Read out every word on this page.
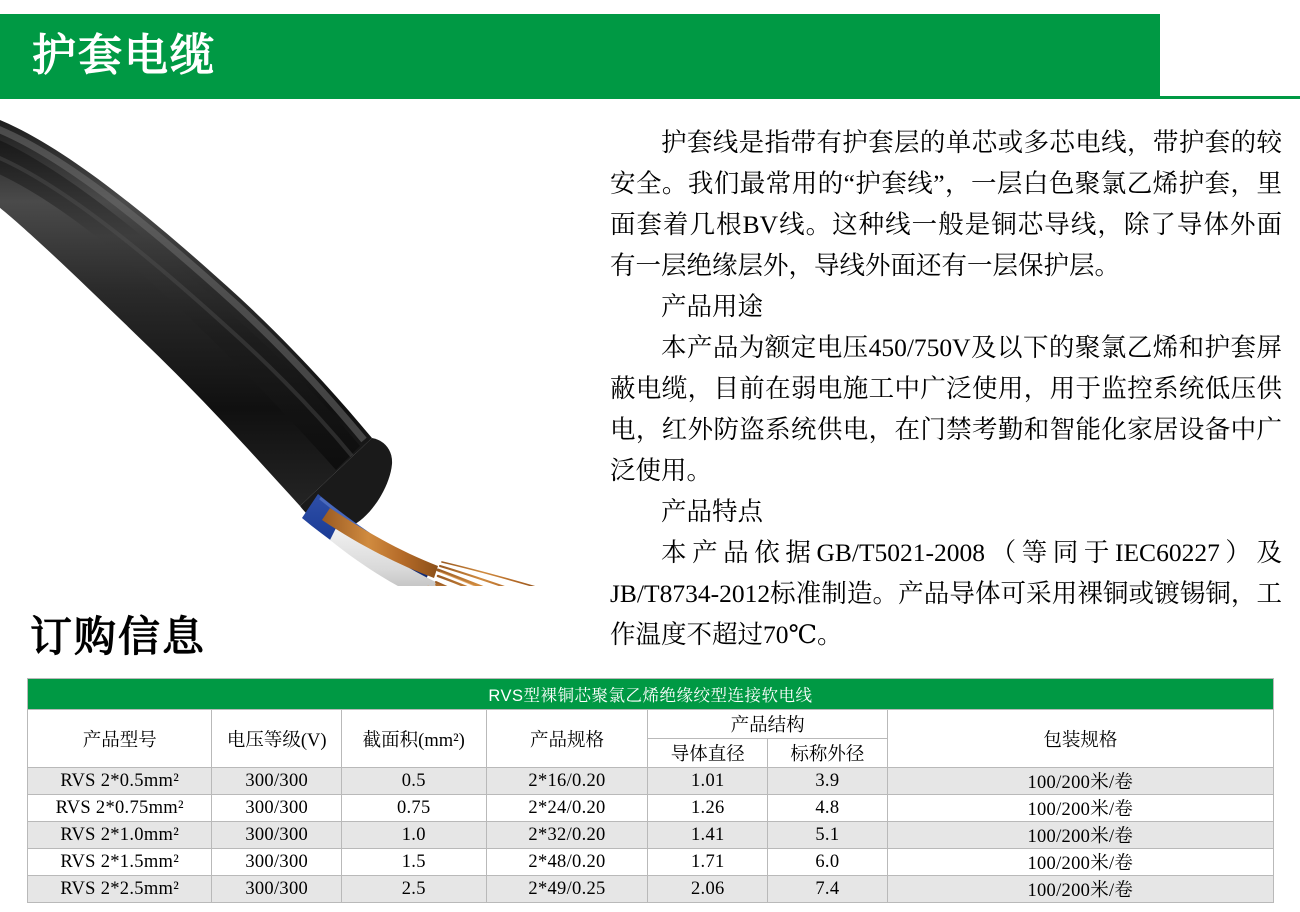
护套电缆

护套线是指带有护套层的单芯或多芯电线，带护套的较安全。我们最常用的“护套线”，一层白色聚氯乙烯护套，里面套着几根BV线。这种线一般是铜芯导线，除了导体外面有一层绝缘层外，导线外面还有一层保护层。

产品用途

本产品为额定电压450/750V及以下的聚氯乙烯和护套屏蔽电缆，目前在弱电施工中广泛使用，用于监控系统低压供电，红外防盗系统供电，在门禁考勤和智能化家居设备中广泛使用。

产品特点

本产品依据GB/T5021-2008（等同于IEC60227）及JB/T8734-2012标准制造。产品导体可采用裸铜或镀锡铜，工作温度不超过70℃。

订购信息
RVS型裸铜芯聚氯乙烯绝缘绞型连接软电线						
产品型号	电压等级(V)	截面积(mm²)	产品规格	产品结构		包装规格
				导体直径	标称外径	
RVS 2*0.5mm²	300/300	0.5	2*16/0.20	1.01	3.9	100/200米/卷
RVS 2*0.75mm²	300/300	0.75	2*24/0.20	1.26	4.8	100/200米/卷
RVS 2*1.0mm²	300/300	1.0	2*32/0.20	1.41	5.1	100/200米/卷
RVS 2*1.5mm²	300/300	1.5	2*48/0.20	1.71	6.0	100/200米/卷
RVS 2*2.5mm²	300/300	2.5	2*49/0.25	2.06	7.4	100/200米/卷
